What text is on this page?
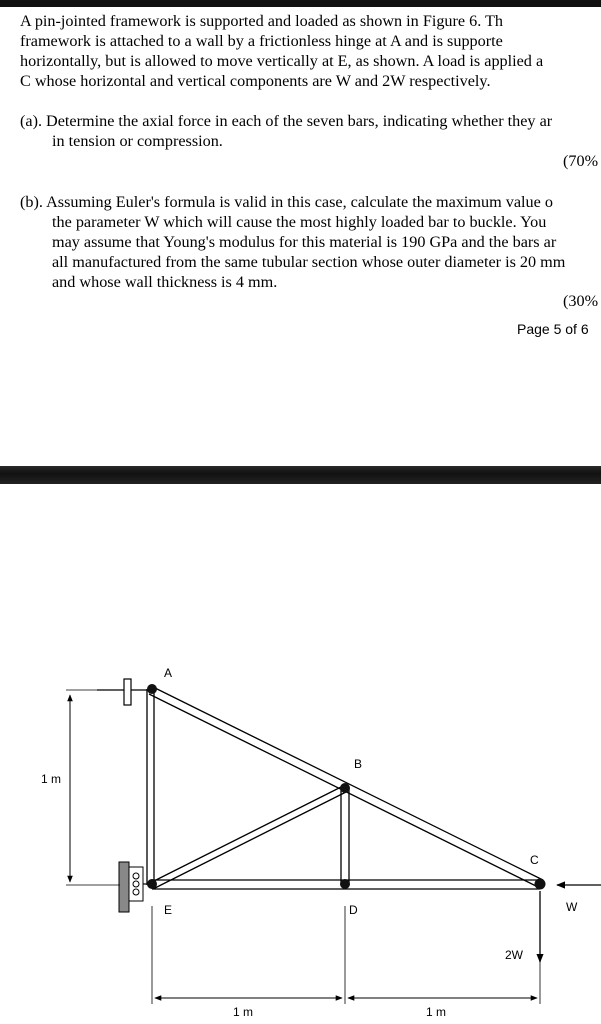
A pin-jointed framework is supported and loaded as shown in Figure 6. Th
framework is attached to a wall by a frictionless hinge at A and is supporte
horizontally, but is allowed to move vertically at E, as shown. A load is applied a
C whose horizontal and vertical components are W and 2W respectively.
(a). Determine the axial force in each of the seven bars, indicating whether they ar
in tension or compression.
(70%
(b). Assuming Euler's formula is valid in this case, calculate the maximum value o
the parameter W which will cause the most highly loaded bar to buckle. You
may assume that Young's modulus for this material is 190 GPa and the bars ar
all manufactured from the same tubular section whose outer diameter is 20 mm
and whose wall thickness is 4 mm.
(30%
Page 5 of 6
A
B
C
D
E
1 m
1 m	1 m
W
2W
